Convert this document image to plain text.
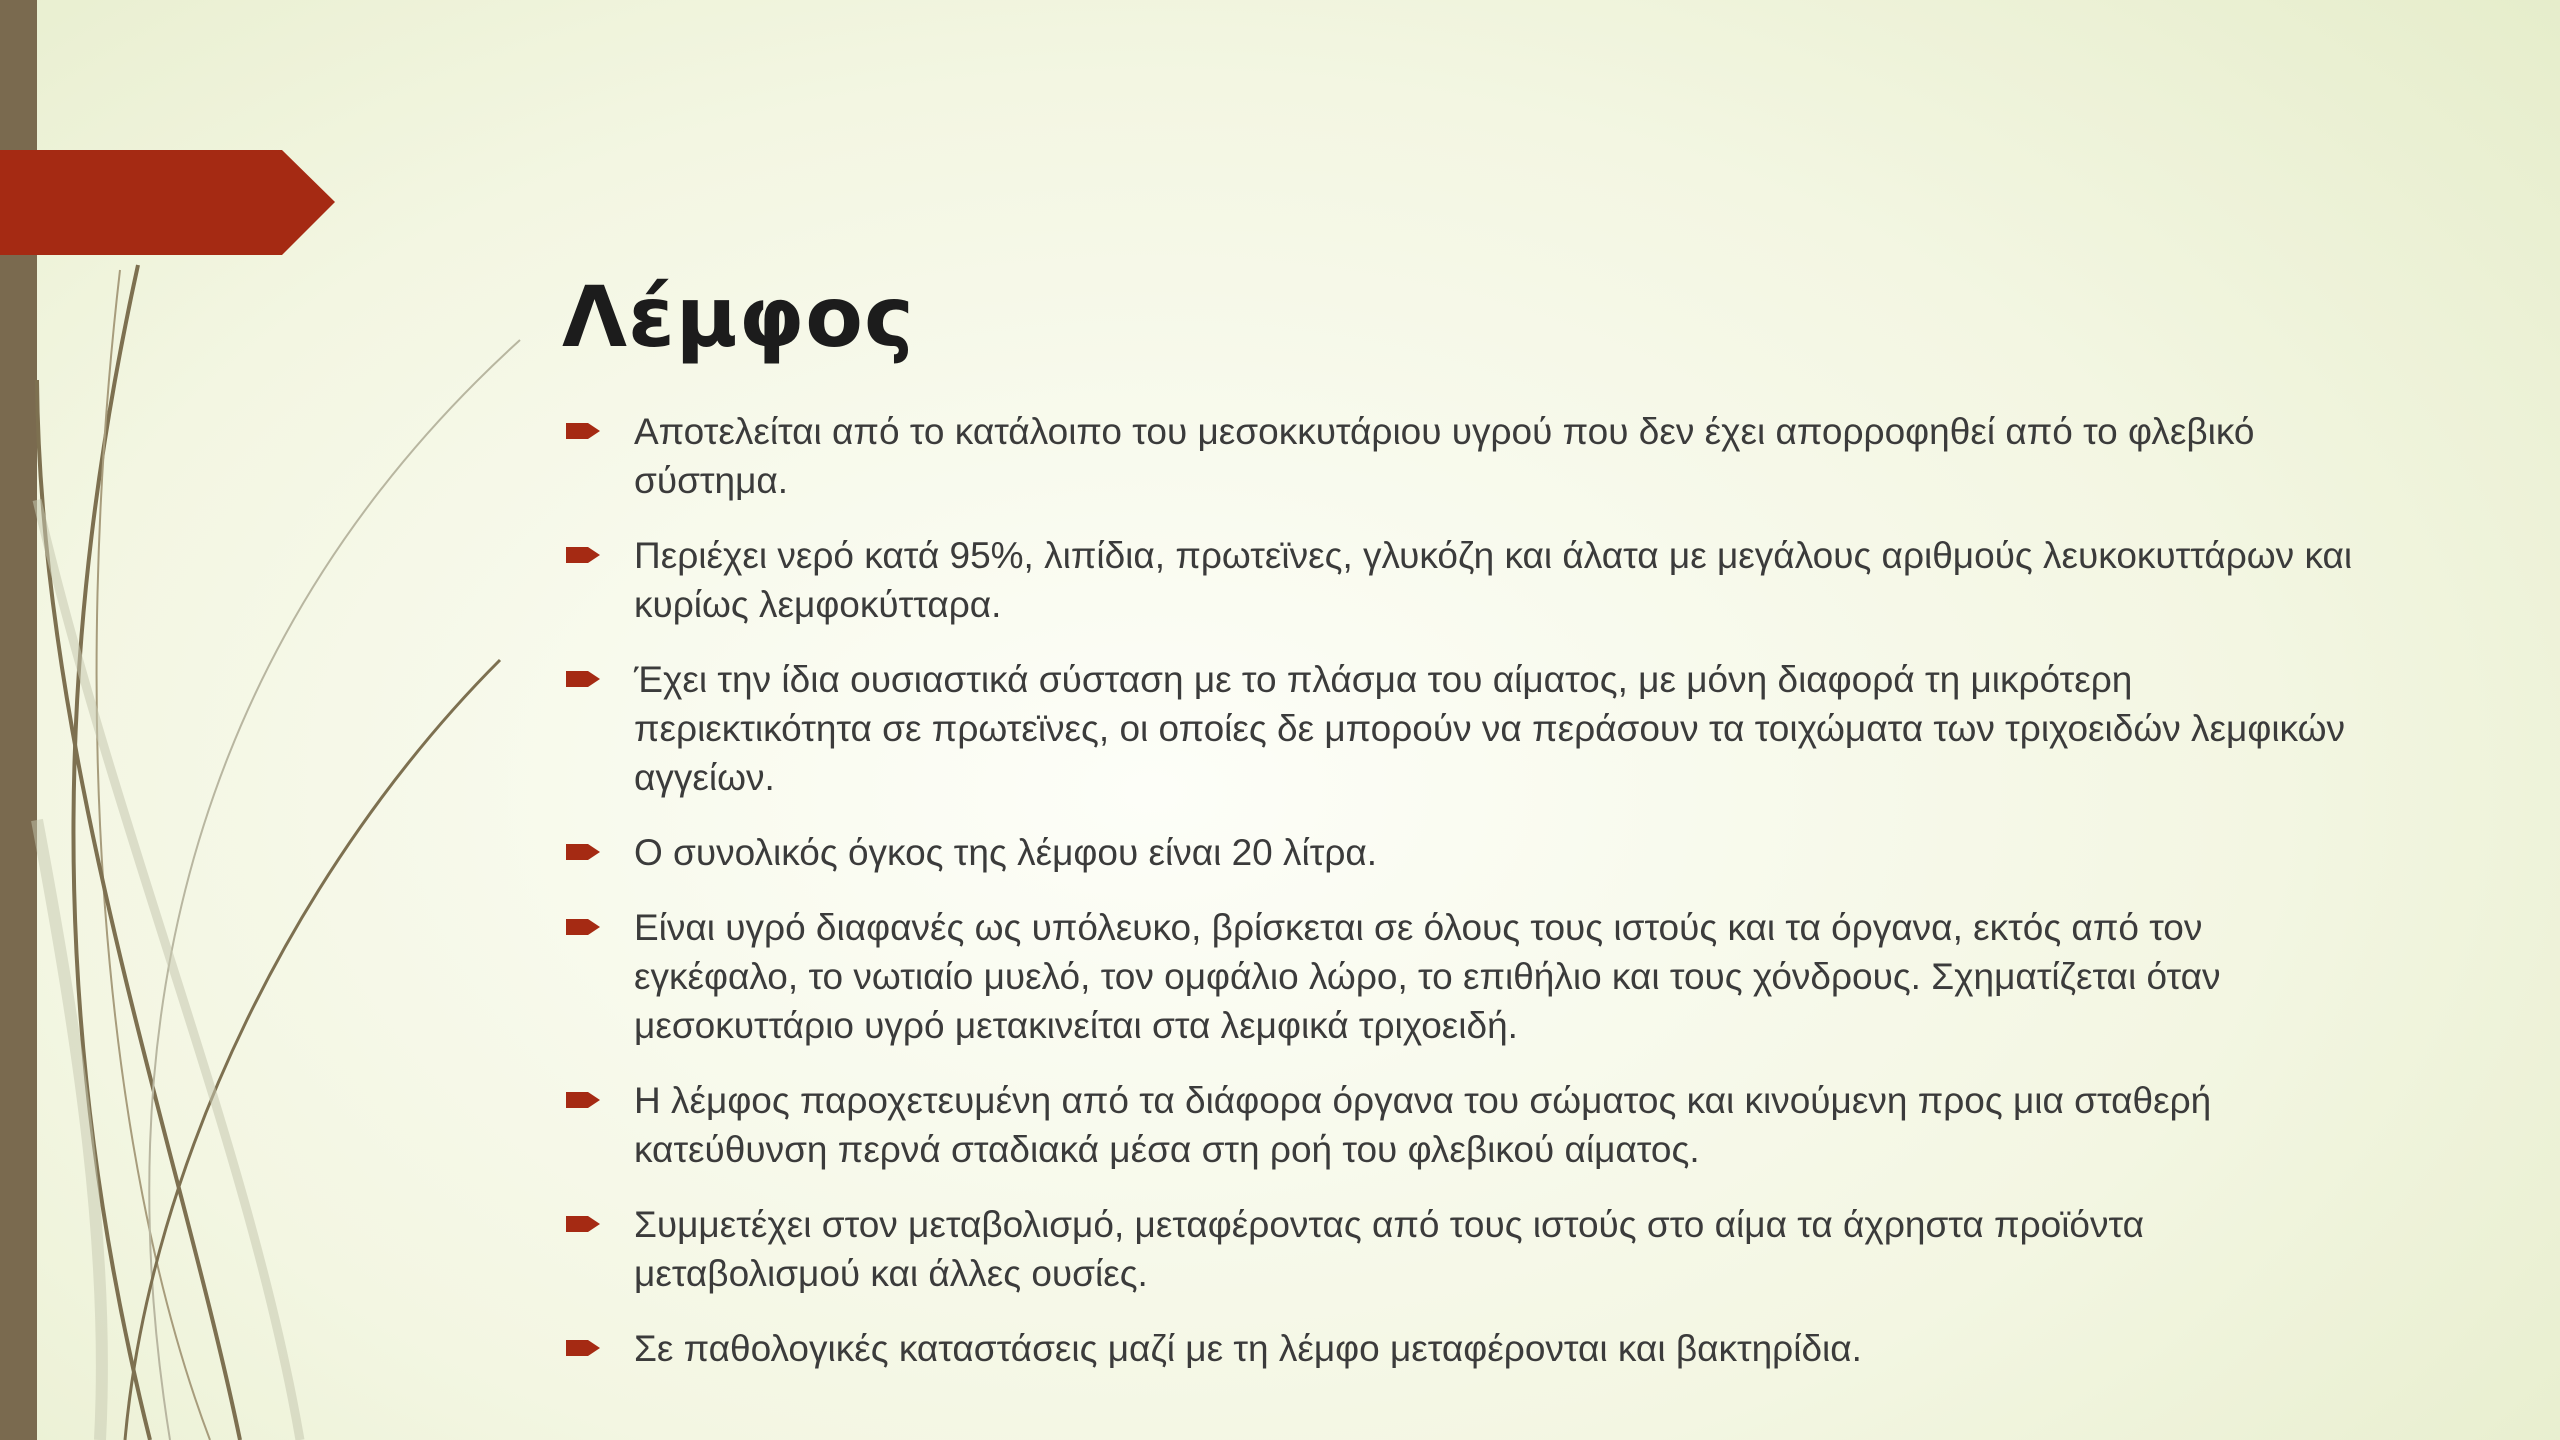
Λέμφος
Αποτελείται από το κατάλοιπο του μεσοκκυτάριου υγρού που δεν έχει απορροφηθεί από το φλεβικό σύστημα.
Περιέχει νερό κατά 95%, λιπίδια, πρωτεϊνες, γλυκόζη και άλατα με μεγάλους αριθμούς λευκοκυττάρων και κυρίως λεμφοκύτταρα.
Έχει την ίδια ουσιαστικά σύσταση με το πλάσμα του αίματος, με μόνη διαφορά τη μικρότερη περιεκτικότητα σε πρωτεϊνες, οι οποίες δε μπορούν να περάσουν τα τοιχώματα των τριχοειδών λεμφικών αγγείων.
Ο συνολικός όγκος της λέμφου είναι 20 λίτρα.
Είναι υγρό διαφανές ως υπόλευκο, βρίσκεται σε όλους τους ιστούς και τα όργανα, εκτός από τον εγκέφαλο, το νωτιαίο μυελό, τον ομφάλιο λώρο, το επιθήλιο και τους χόνδρους. Σχηματίζεται όταν μεσοκυττάριο υγρό μετακινείται στα λεμφικά τριχοειδή.
Η λέμφος παροχετευμένη από τα διάφορα όργανα του σώματος και κινούμενη προς μια σταθερή κατεύθυνση περνά σταδιακά μέσα στη ροή του φλεβικού αίματος.
Συμμετέχει στον μεταβολισμό, μεταφέροντας από τους ιστούς στο αίμα τα άχρηστα προϊόντα μεταβολισμού και άλλες ουσίες.
Σε παθολογικές καταστάσεις μαζί με τη λέμφο μεταφέρονται και βακτηρίδια.
